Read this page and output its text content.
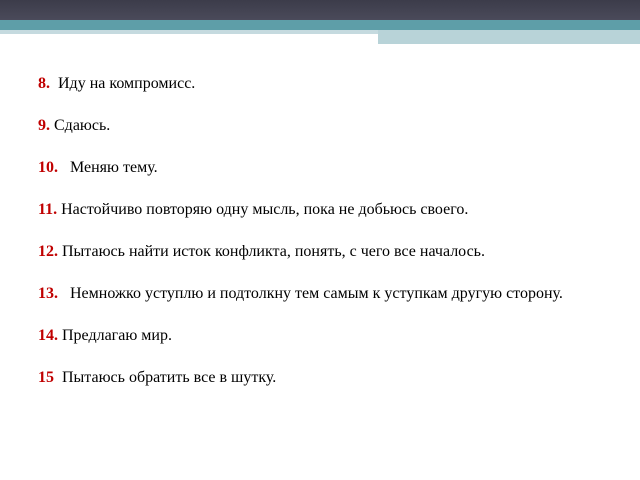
8.  Иду на компромисс.
9. Сдаюсь.
10.   Меняю тему.
11. Настойчиво повторяю одну мысль, пока не добьюсь своего.
12. Пытаюсь найти исток конфликта, понять, с чего все началось.
13.   Немножко уступлю и подтолкну тем самым к уступкам другую сторону.
14. Предлагаю мир.
15  Пытаюсь обратить все в шутку.
